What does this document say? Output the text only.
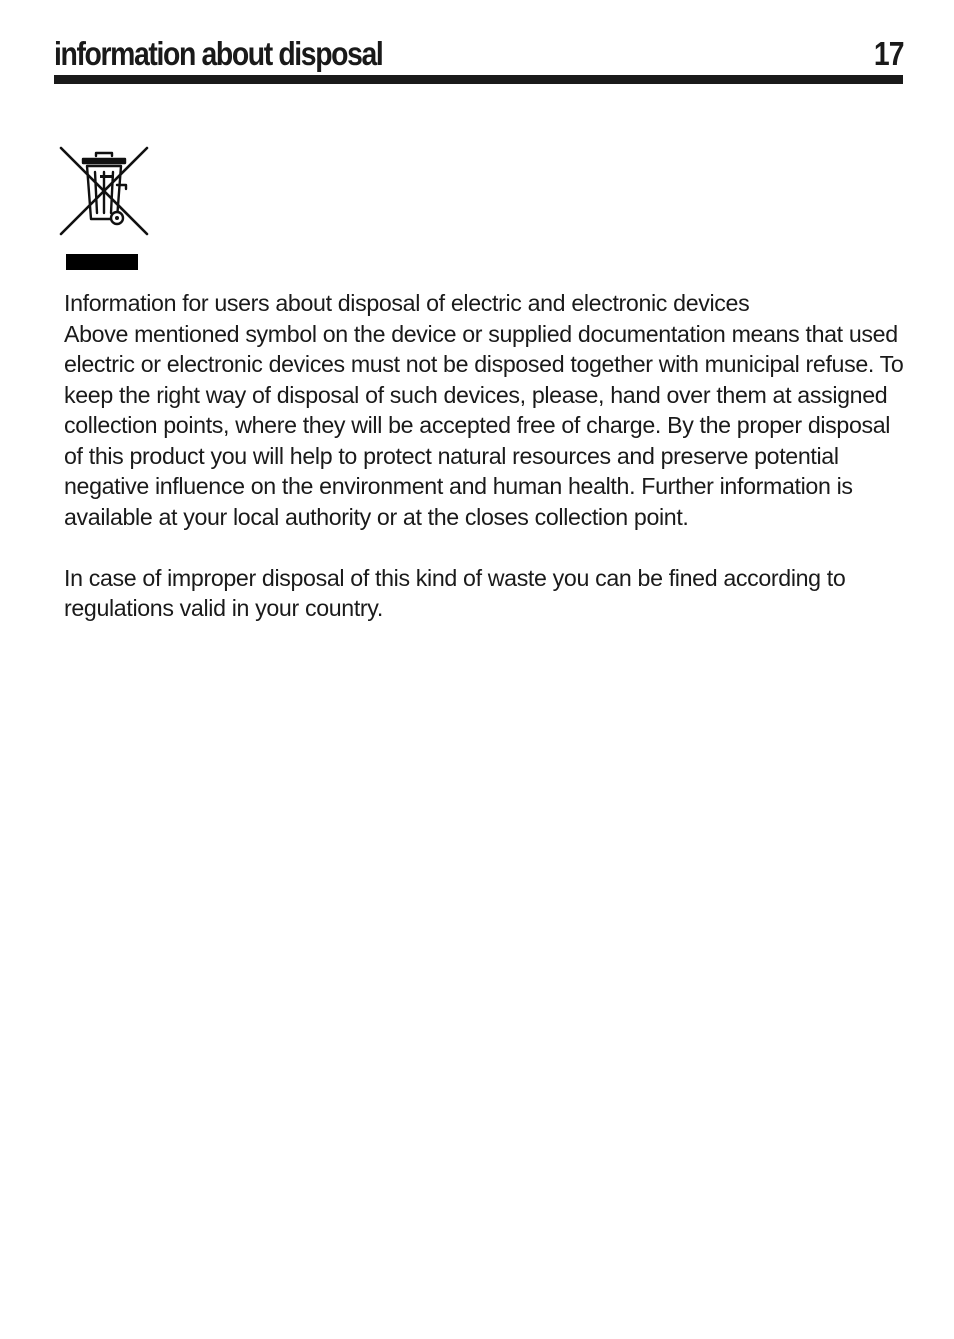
information about disposal	17

Information for users about disposal of electric and electronic devices

Above mentioned symbol on the device or supplied documentation means that used electric or electronic devices must not be disposed together with municipal refuse. To keep the right way of disposal of such devices, please, hand over them at assigned collection points, where they will be accepted free of charge. By the proper disposal of this product you will help to protect natural resources and preserve potential negative influence on the environment and human health. Further information is available at your local authority or at the closes collection point.

In case of improper disposal of this kind of waste you can be fined according to regulations valid in your country.
